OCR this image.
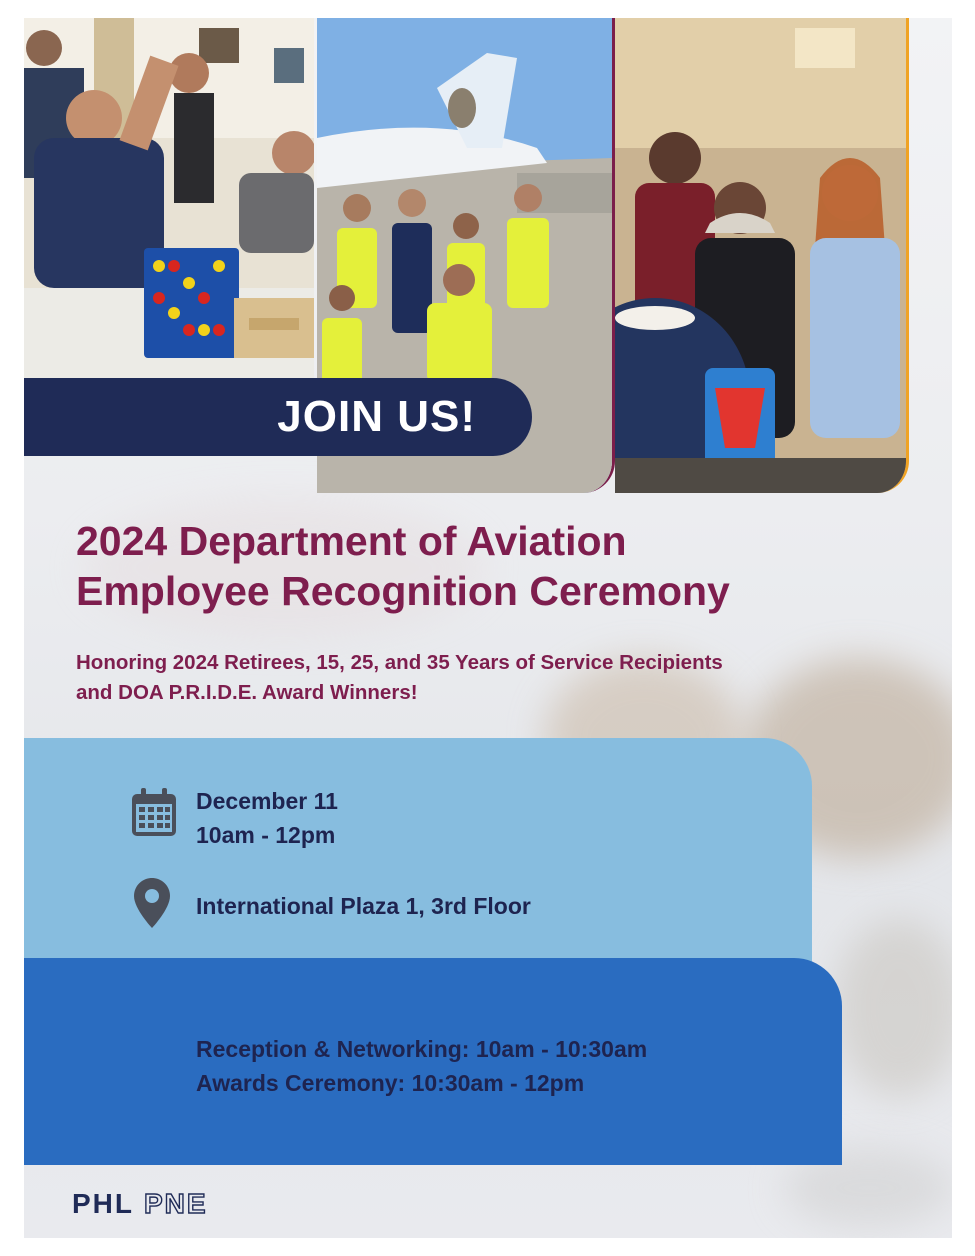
JOIN US!
2024 Department of Aviation
Employee Recognition Ceremony
Honoring 2024 Retirees, 15, 25, and 35 Years of Service Recipients
and DOA P.R.I.D.E. Award Winners!
December 11
10am - 12pm
International Plaza 1, 3rd Floor
Reception & Networking: 10am - 10:30am
Awards Ceremony: 10:30am - 12pm
PHL PNE
